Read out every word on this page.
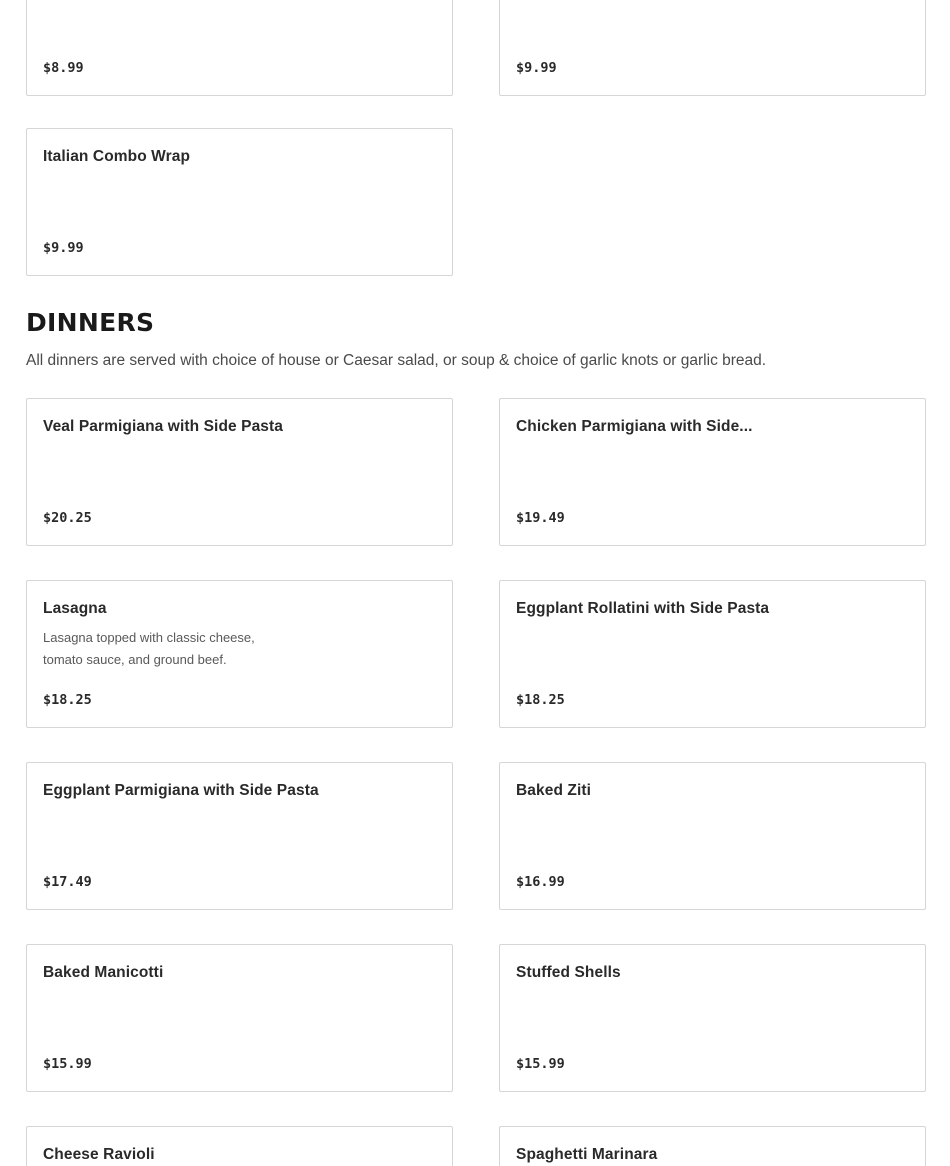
$8.99	$9.99
Italian Combo Wrap
$9.99
DINNERS

All dinners are served with choice of house or Caesar salad, or soup & choice of garlic knots or garlic bread.

Veal Parmigiana with Side Pasta
$20.25
Chicken Parmigiana with Side...
$19.49
Lasagna
Lasagna topped with classic cheese, tomato sauce, and ground beef.
$18.25
Eggplant Rollatini with Side Pasta
$18.25
Eggplant Parmigiana with Side Pasta
$17.49
Baked Ziti
$16.99
Baked Manicotti
$15.99
Stuffed Shells
$15.99
Cheese Ravioli	Spaghetti Marinara
